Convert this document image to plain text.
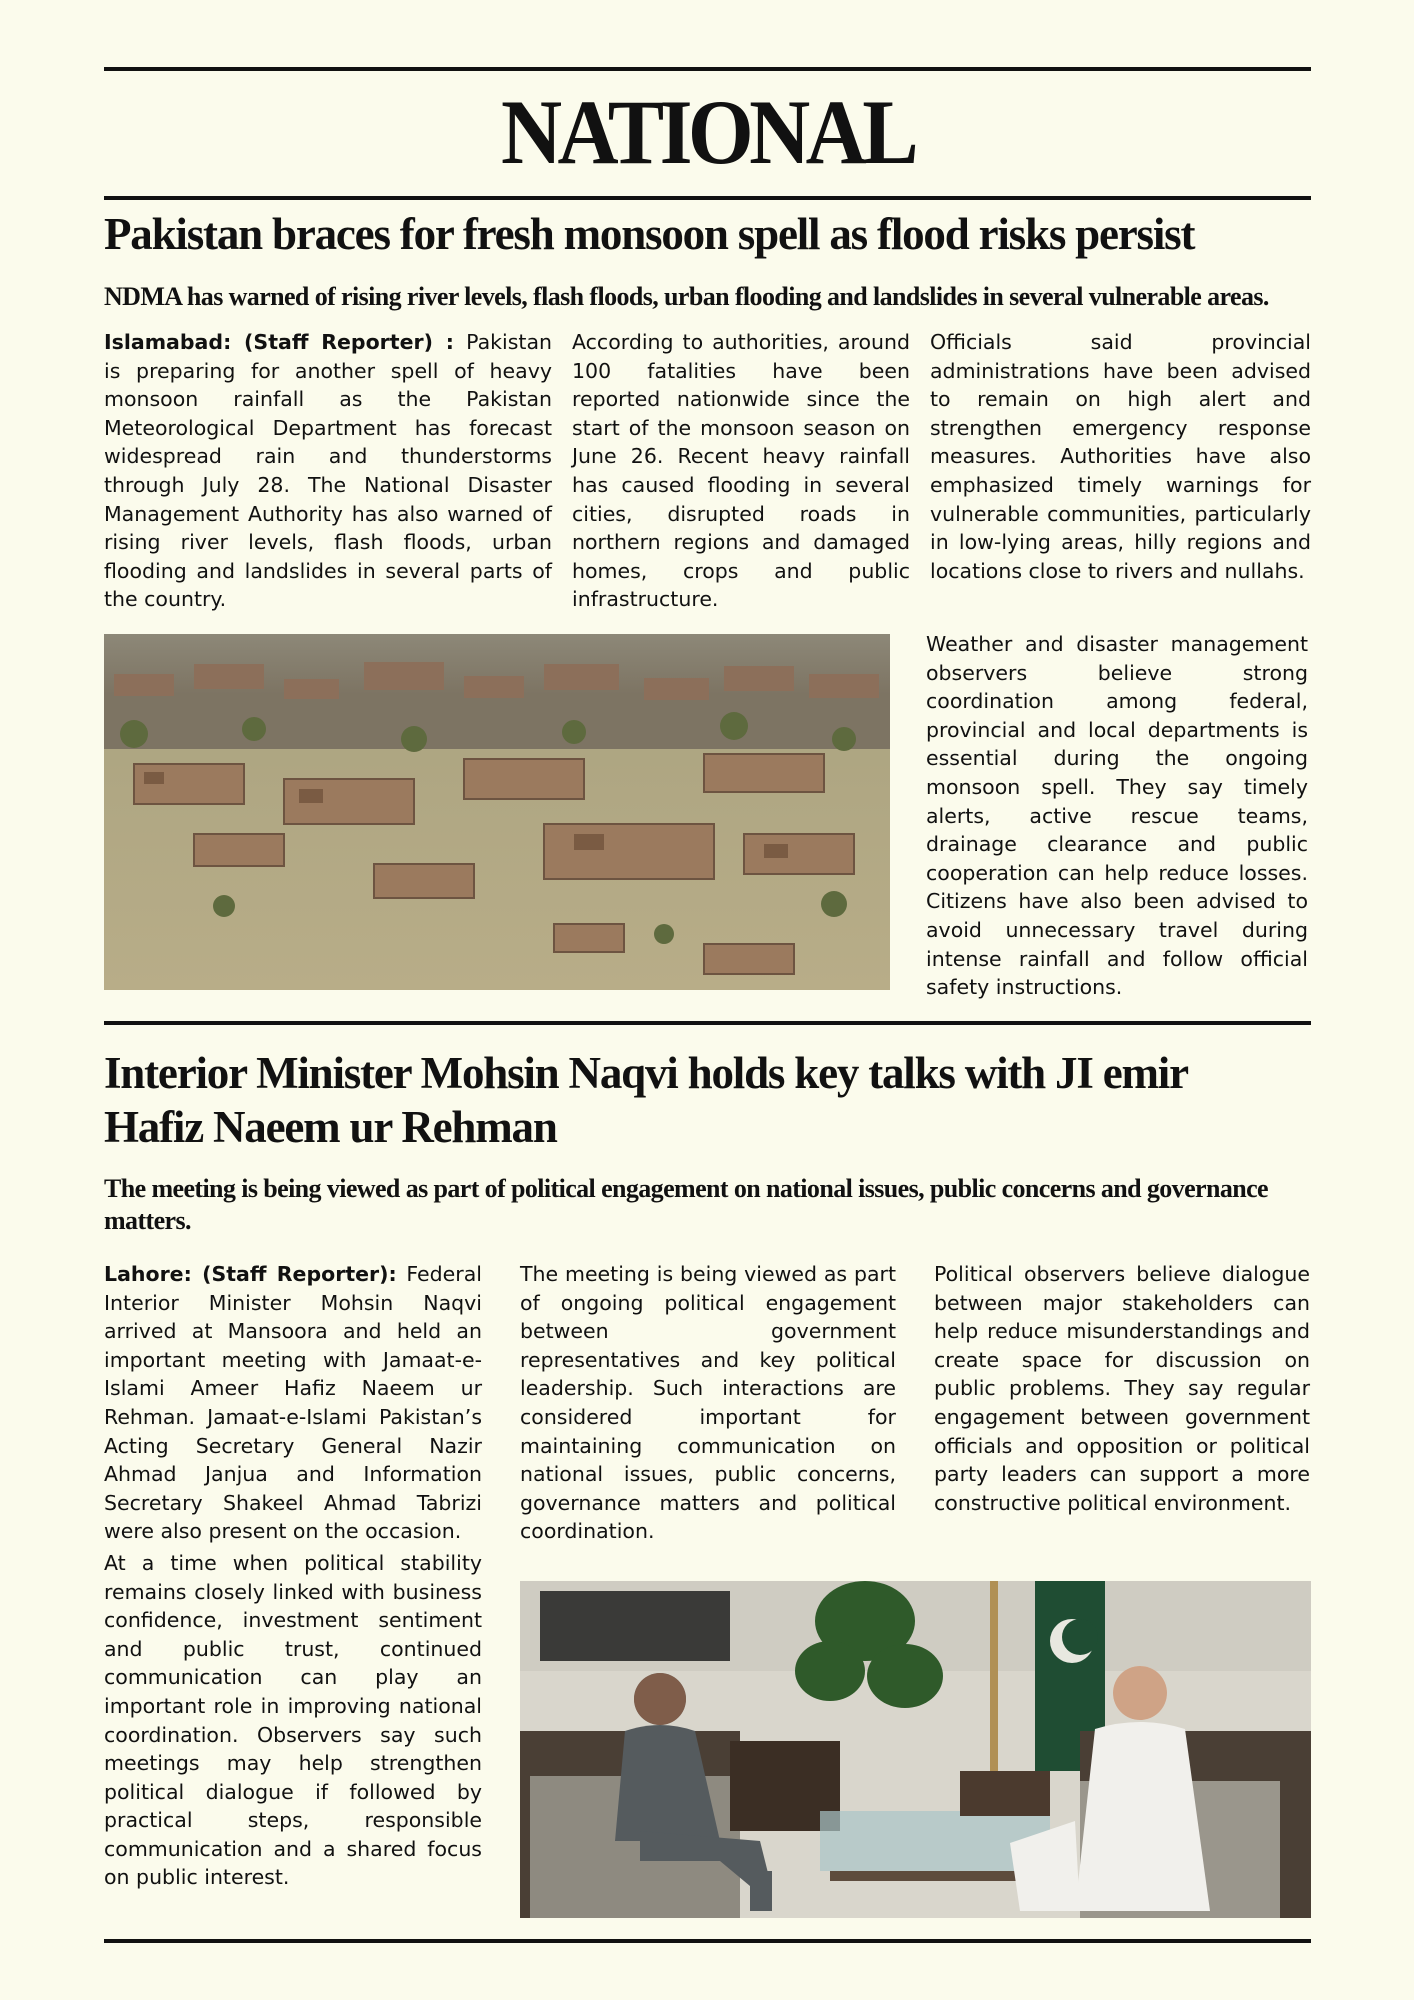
NATIONAL
Pakistan braces for fresh monsoon spell as flood risks persist
NDMA has warned of rising river levels, flash floods, urban flooding and landslides in several vulnerable areas.

Islamabad: (Staff Reporter) : Pakistan is preparing for another spell of heavy monsoon rainfall as the Pakistan Meteorological Department has forecast widespread rain and thunderstorms through July 28. The National Disaster Management Authority has also warned of rising river levels, flash floods, urban flooding and landslides in several parts of the country.

According to authorities, around 100 fatalities have been reported nationwide since the start of the monsoon season on June 26. Recent heavy rainfall has caused flooding in several cities, disrupted roads in northern regions and damaged homes, crops and public infrastructure.

Officials said provincial administrations have been advised to remain on high alert and strengthen emergency response measures. Authorities have also emphasized timely warnings for vulnerable communities, particularly in low-lying areas, hilly regions and locations close to rivers and nullahs.

Weather and disaster management observers believe strong coordination among federal, provincial and local departments is essential during the ongoing monsoon spell. They say timely alerts, active rescue teams, drainage clearance and public cooperation can help reduce losses. Citizens have also been advised to avoid unnecessary travel during intense rainfall and follow official safety instructions.

Interior Minister Mohsin Naqvi holds key talks with JI emir
Hafiz Naeem ur Rehman
The meeting is being viewed as part of political engagement on national issues, public concerns and governance matters.

Lahore: (Staff Reporter): Federal Interior Minister Mohsin Naqvi arrived at Mansoora and held an important meeting with Jamaat-e-Islami Ameer Hafiz Naeem ur Rehman. Jamaat-e-Islami Pakistan’s Acting Secretary General Nazir Ahmad Janjua and Information Secretary Shakeel Ahmad Tabrizi were also present on the occasion.

At a time when political stability remains closely linked with business confidence, investment sentiment and public trust, continued communication can play an important role in improving national coordination. Observers say such meetings may help strengthen political dialogue if followed by practical steps, responsible communication and a shared focus on public interest.

The meeting is being viewed as part of ongoing political engagement between government representatives and key political leadership. Such interactions are considered important for maintaining communication on national issues, public concerns, governance matters and political coordination.

Political observers believe dialogue between major stakeholders can help reduce misunderstandings and create space for discussion on public problems. They say regular engagement between government officials and opposition or political party leaders can support a more constructive political environment.
